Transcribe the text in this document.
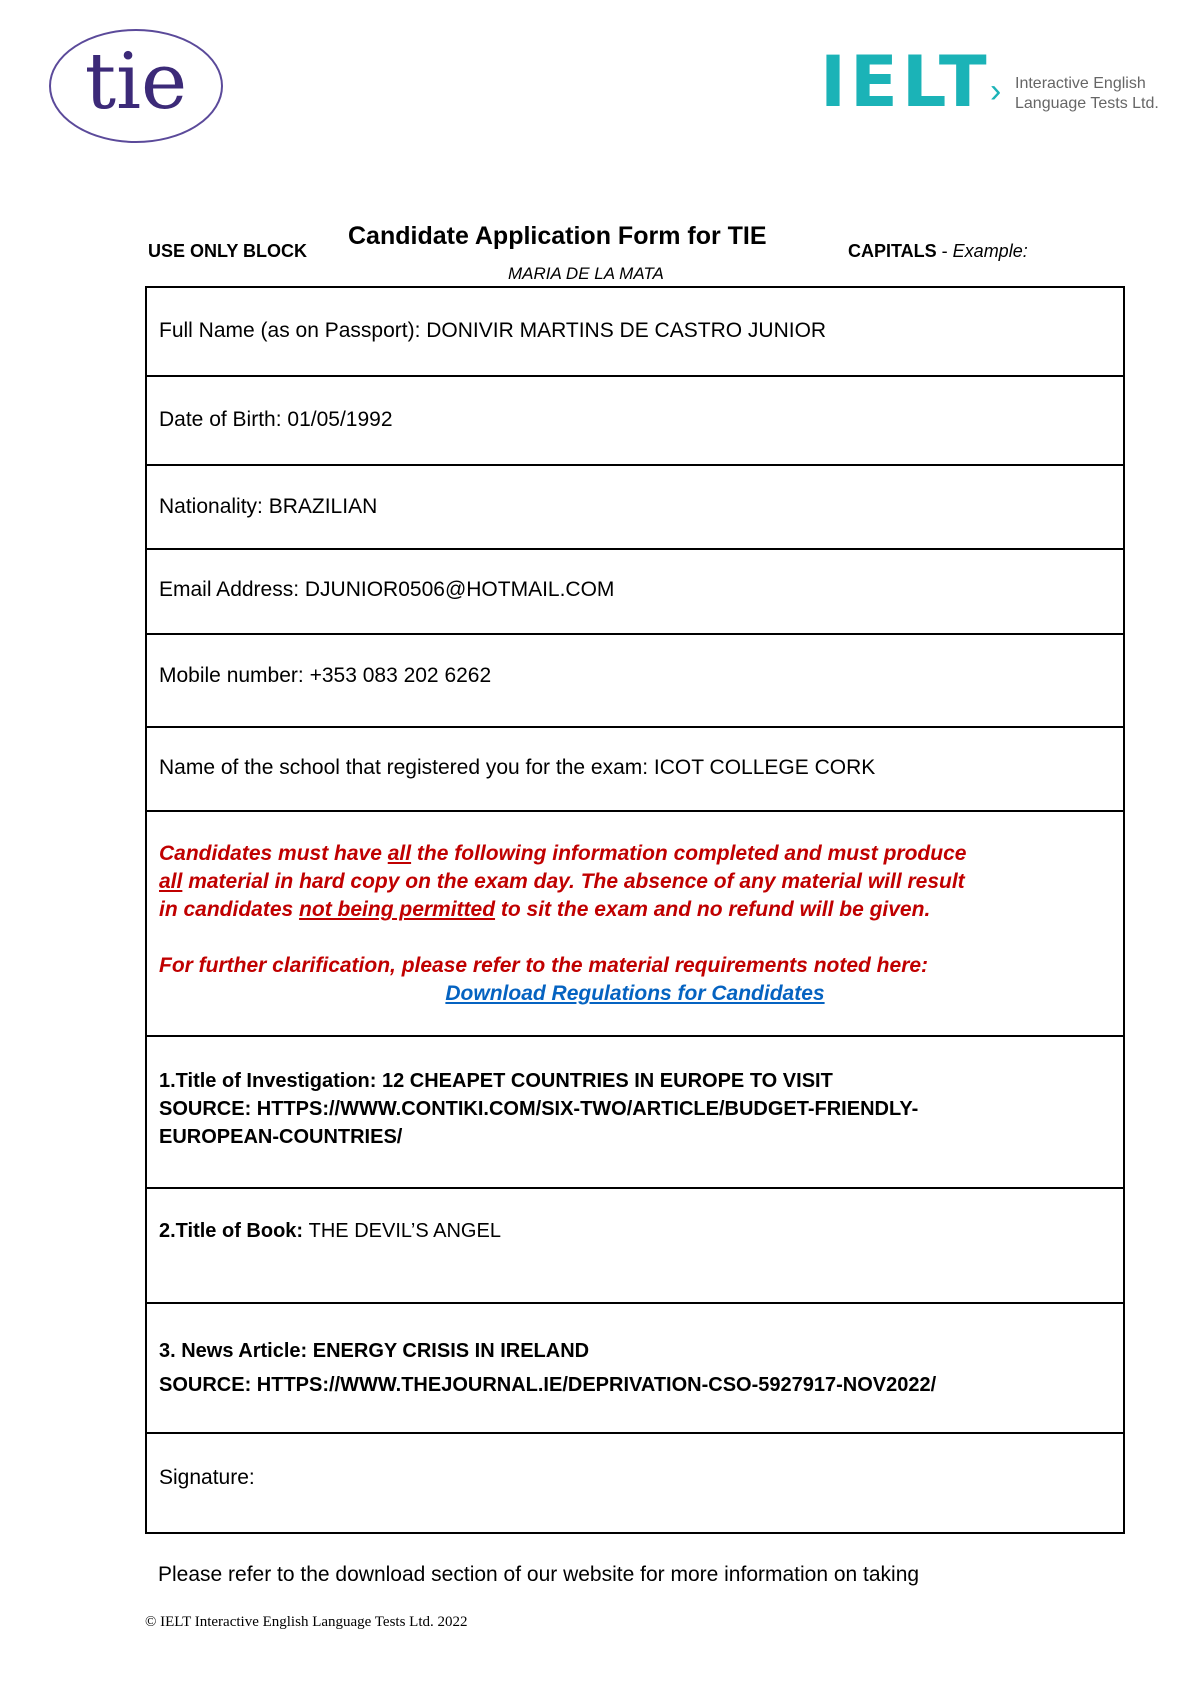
tie	IELT › Interactive English
Language Tests Ltd.
USE ONLY BLOCK
Candidate Application Form for TIE
CAPITALS - Example:
MARIA DE LA MATA
Full Name (as on Passport): DONIVIR MARTINS DE CASTRO JUNIOR
Date of Birth: 01/05/1992
Nationality: BRAZILIAN
Email Address: DJUNIOR0506@HOTMAIL.COM
Mobile number: +353 083 202 6262
Name of the school that registered you for the exam: ICOT COLLEGE CORK
Candidates must have all the following information completed and must produce
all material in hard copy on the exam day. The absence of any material will result
in candidates not being permitted to sit the exam and no refund will be given.
For further clarification, please refer to the material requirements noted here:
Download Regulations for Candidates
1.Title of Investigation: 12 CHEAPET COUNTRIES IN EUROPE TO VISIT
SOURCE: HTTPS://WWW.CONTIKI.COM/SIX-TWO/ARTICLE/BUDGET-FRIENDLY-
EUROPEAN-COUNTRIES/
2.Title of Book: THE DEVIL’S ANGEL
3. News Article: ENERGY CRISIS IN IRELAND
SOURCE: HTTPS://WWW.THEJOURNAL.IE/DEPRIVATION-CSO-5927917-NOV2022/
Signature:
Please refer to the download section of our website for more information on taking
© IELT Interactive English Language Tests Ltd. 2022
